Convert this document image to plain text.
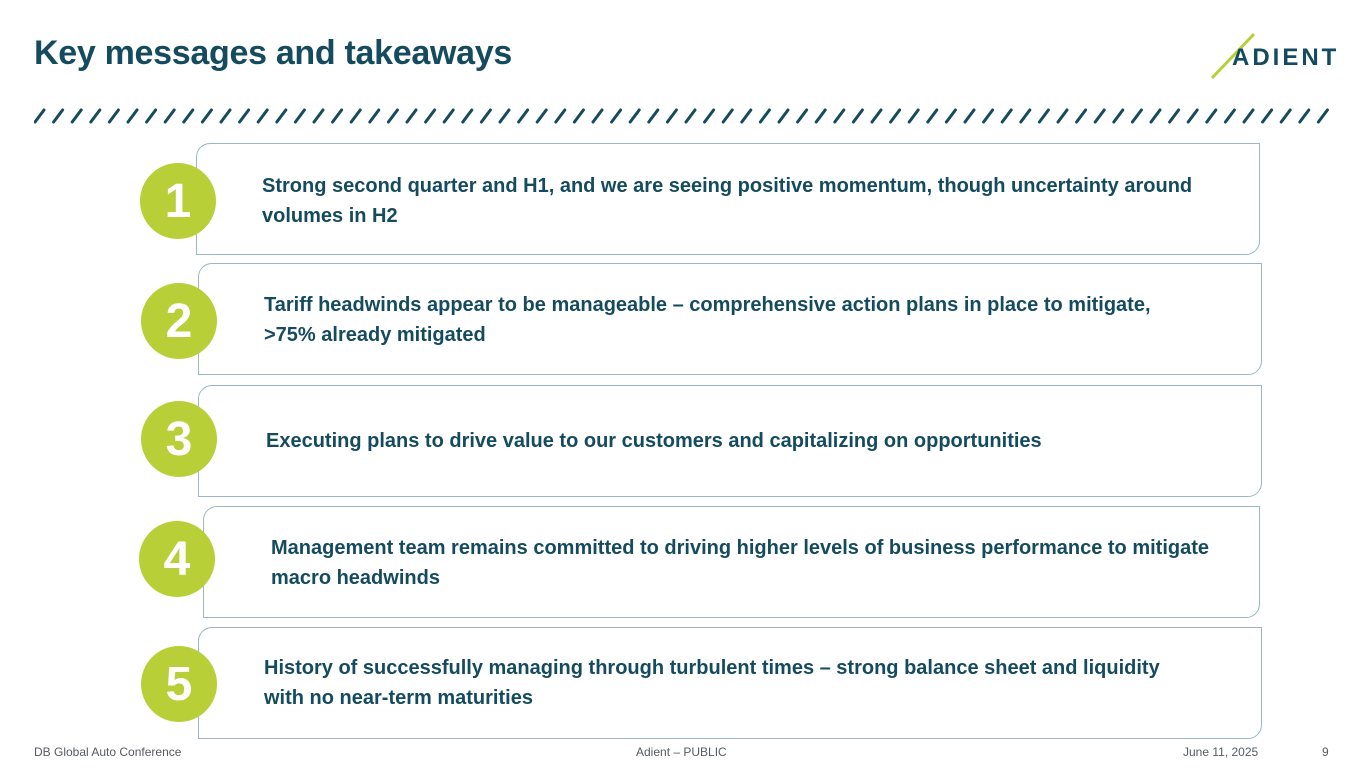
Key messages and takeaways	ADIENT
1	Strong second quarter and H1, and we are seeing positive momentum, though uncertainty around volumes in H2
2	Tariff headwinds appear to be manageable – comprehensive action plans in place to mitigate, >75% already mitigated
3	Executing plans to drive value to our customers and capitalizing on opportunities
4	Management team remains committed to driving higher levels of business performance to mitigate macro headwinds
5	History of successfully managing through turbulent times – strong balance sheet and liquidity with no near-term maturities
DB Global Auto Conference	Adient – PUBLIC	June 11, 2025	9
